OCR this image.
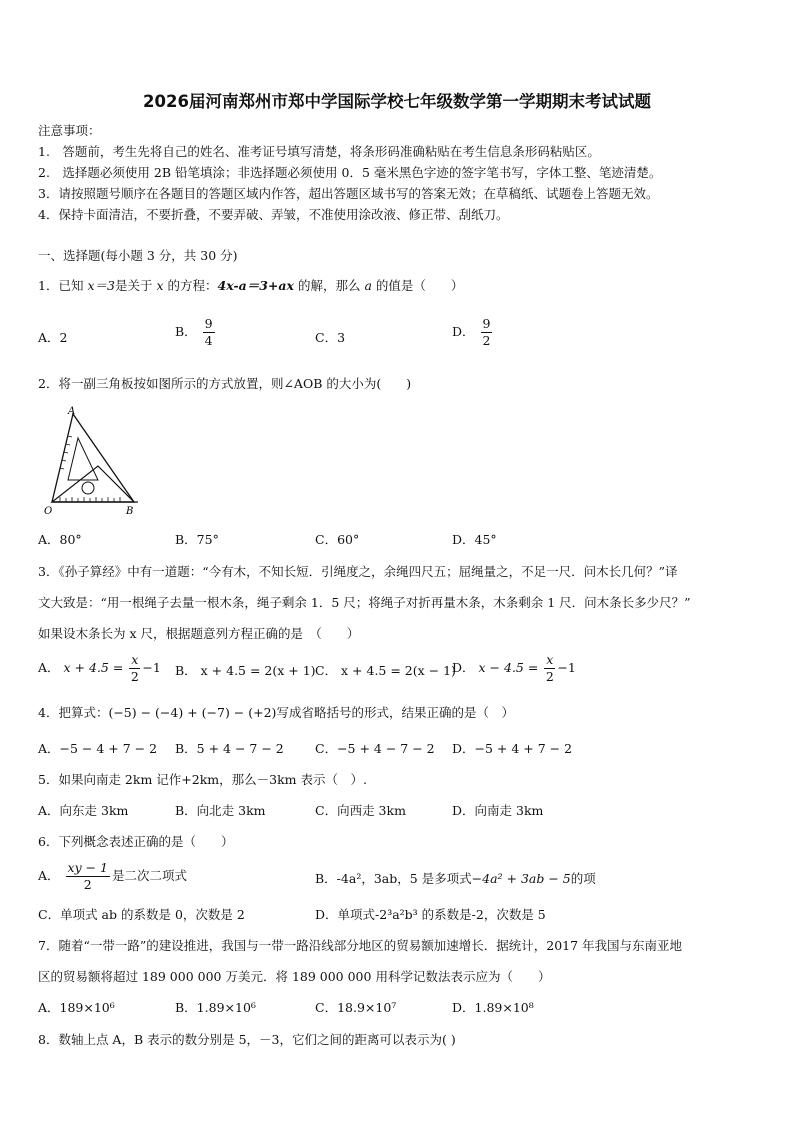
2026届河南郑州市郑中学国际学校七年级数学第一学期期末考试试题
注意事项：
1.　答题前，考生先将自己的姓名、准考证号填写清楚，将条形码准确粘贴在考生信息条形码粘贴区。
2.　选择题必须使用 2B 铅笔填涂；非选择题必须使用 0．5 毫米黑色字迹的签字笔书写，字体工整、笔迹清楚。
3．请按照题号顺序在各题目的答题区域内作答，超出答题区域书写的答案无效；在草稿纸、试题卷上答题无效。
4．保持卡面清洁，不要折叠，不要弄破、弄皱，不准使用涂改液、修正带、刮纸刀。
一、选择题(每小题 3 分，共 30 分)
1．已知 x＝3是关于 x 的方程：4x-a＝3+ax 的解，那么 a 的值是（　　）
A．2	B． $\frac{9}{4}$	C．3	D． $\frac{9}{2}$
2．将一副三角板按如图所示的方式放置，则∠AOB 的大小为(　　)
A
O	B
A．80°	B．75°	C．60°	D．45°
3．《孙子算经》中有一道题：“今有木，不知长短．引绳度之，余绳四尺五；屈绳量之，不足一尺．问木长几何？”译
文大致是：“用一根绳子去量一根木条，绳子剩余 1．5 尺；将绳子对折再量木条，木条剩余 1 尺．问木条长多少尺？”
如果设木条长为 x 尺，根据题意列方程正确的是　（　　）
A． $x + 4.5 = \frac{x}{2} -1$ B． x + 4.5 = 2(x + 1) C． x + 4.5 = 2(x − 1)
D． $x - 4.5 = \frac{x}{2} -1$
4．把算式：(−5) − (−4) + (−7) − (+2)写成省略括号的形式，结果正确的是（　）
A．−5 − 4 + 7 − 2 B．5 + 4 − 7 − 2 C．−5 + 4 − 7 − 2 D．−5 + 4 + 7 − 2
5．如果向南走 2km 记作+2km，那么－3km 表示（　）.
A．向东走 3km	B．向北走 3km	C．向西走 3km	D．向南走 3km
6．下列概念表述正确的是（　　）
A． $\frac{xy - 1}{2}$ 是二次二项式	B．-4a²，3ab，5 是多项式−4a² + 3ab − 5的项
C．单项式 ab 的系数是 0，次数是 2	D．单项式-2³a²b³ 的系数是-2，次数是 5
7．随着“一带一路”的建设推进，我国与一带一路沿线部分地区的贸易额加速增长．据统计，2017 年我国与东南亚地
区的贸易额将超过 189 000 000 万美元．将 189 000 000 用科学记数法表示应为（　　）
A．189×10⁶	B．1.89×10⁶	C．18.9×10⁷	D．1.89×10⁸
8．数轴上点 A，B 表示的数分别是 5，－3，它们之间的距离可以表示为( )
